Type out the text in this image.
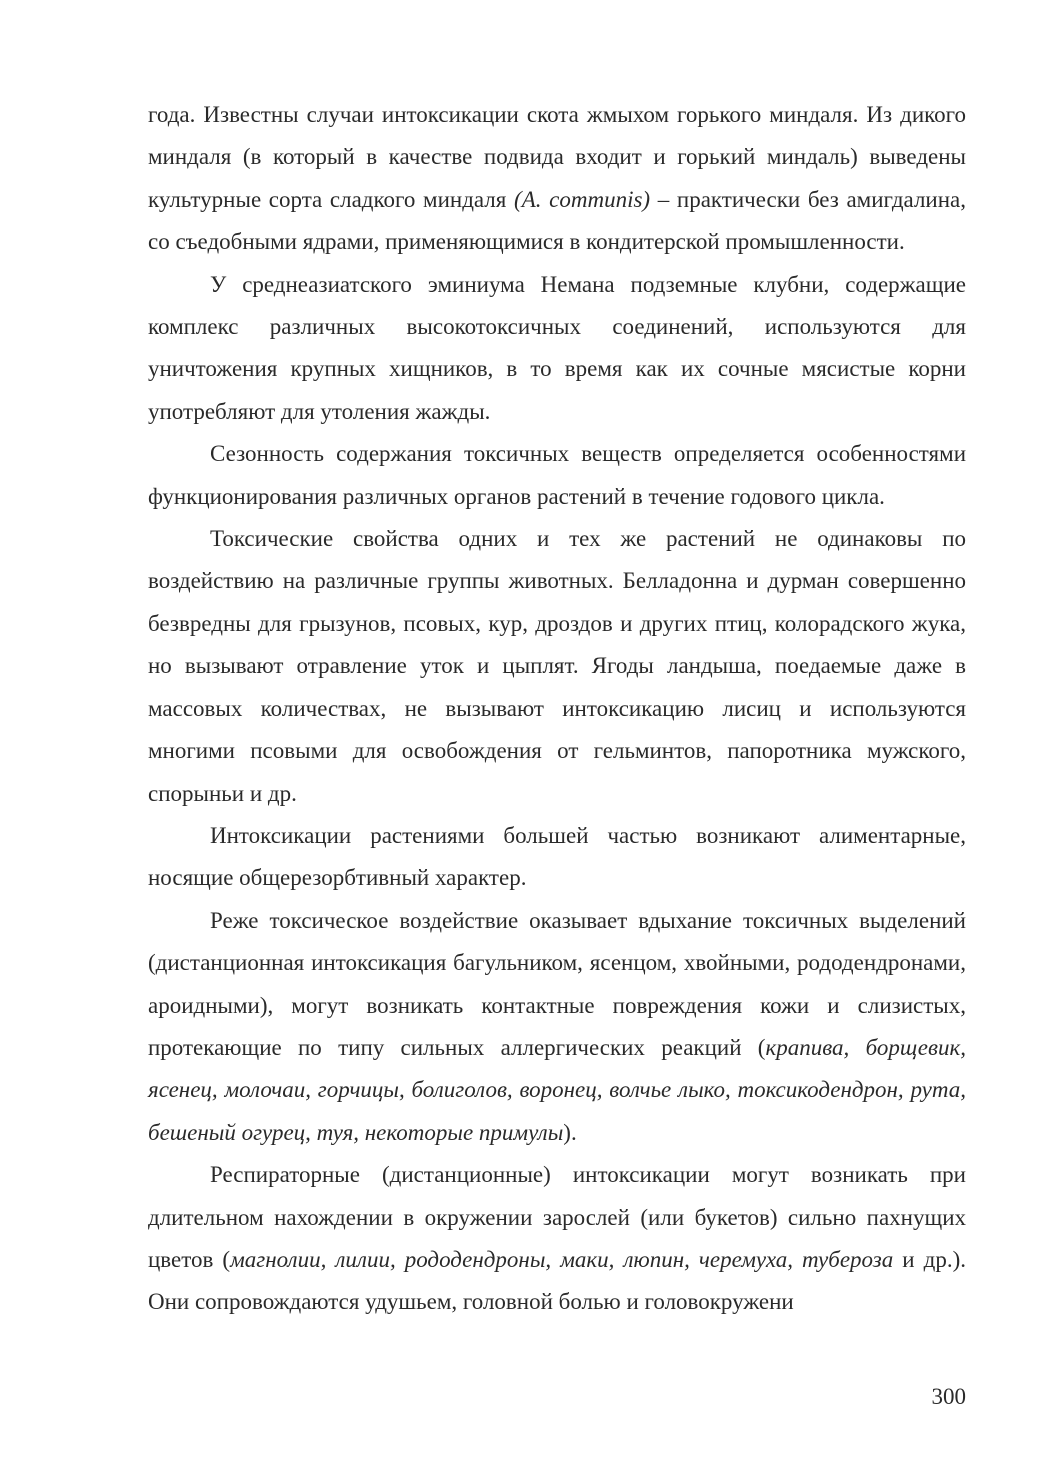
года. Известны случаи интоксикации скота жмыхом горького миндаля. Из дикого миндаля (в который в качестве подвида входит и горький миндаль) выведены культурные сорта сладкого миндаля (A. communis) – практически без амигдалина, со съедобными ядрами, применяющимися в кондитерской промышленности.

У среднеазиатского эминиума Немана подземные клубни, содержащие комплекс различных высокотоксичных соединений, используются для уничтожения крупных хищников, в то время как их сочные мясистые корни употребляют для утоления жажды.

Сезонность содержания токсичных веществ определяется особенностями функционирования различных органов растений в течение годового цикла.

Токсические свойства одних и тех же растений не одинаковы по воздействию на различные группы животных. Белладонна и дурман совершенно безвредны для грызунов, псовых, кур, дроздов и других птиц, колорадского жука, но вызывают отравление уток и цыплят. Ягоды ландыша, поедаемые даже в массовых количествах, не вызывают интоксикацию лисиц и используются многими псовыми для освобождения от гельминтов, папоротника мужского, спорыньи и др.

Интоксикации растениями большей частью возникают алиментарные, носящие общерезорбтивный характер.

Реже токсическое воздействие оказывает вдыхание токсичных выделений (дистанционная интоксикация багульником, ясенцом, хвойными, рододендронами, ароидными), могут возникать контактные повреждения кожи и слизистых, протекающие по типу сильных аллергических реакций (крапива, борщевик, ясенец, молочаи, горчицы, болиголов, воронец, волчье лыко, токсикодендрон, рута, бешеный огурец, туя, некоторые примулы).

Респираторные (дистанционные) интоксикации могут возникать при длительном нахождении в окружении зарослей (или букетов) сильно пахнущих цветов (магнолии, лилии, рододендроны, маки, люпин, черемуха, тубероза и др.). Они сопровождаются удушьем, головной болью и головокружени

300
